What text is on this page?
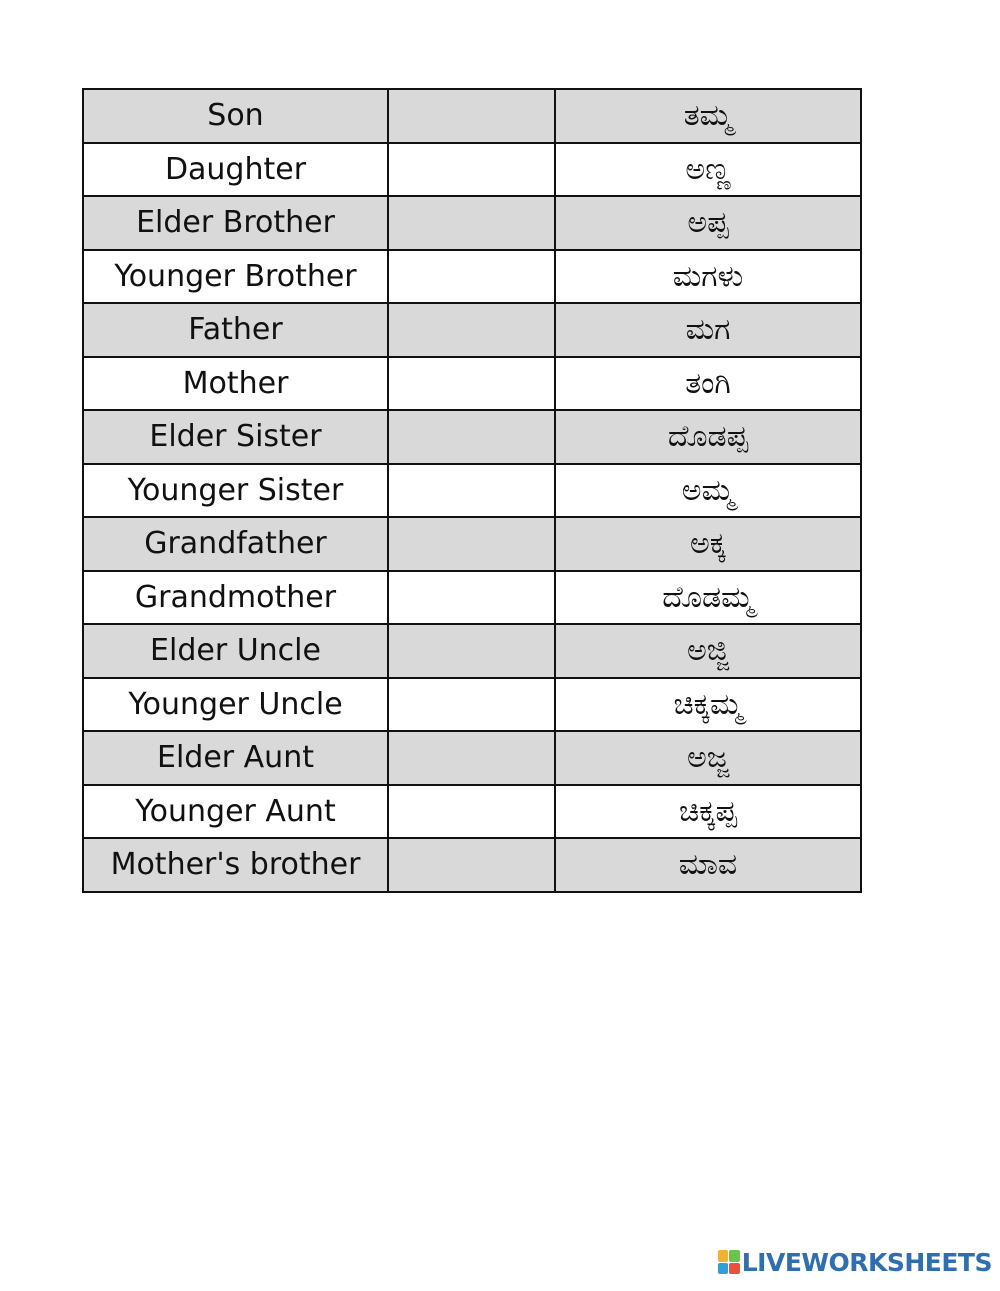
Son		ತಮ್ಮ
Daughter		ಅಣ್ಣ
Elder Brother		ಅಪ್ಪ
Younger Brother		ಮಗಳು
Father		ಮಗ
Mother		ತಂಗಿ
Elder Sister		ದೊಡಪ್ಪ
Younger Sister		ಅಮ್ಮ
Grandfather		ಅಕ್ಕ
Grandmother		ದೊಡಮ್ಮ
Elder Uncle		ಅಜ್ಜಿ
Younger Uncle		ಚಿಕ್ಕಮ್ಮ
Elder Aunt		ಅಜ್ಜ
Younger Aunt		ಚಿಕ್ಕಪ್ಪ
Mother's brother		ಮಾವ
LIVEWORKSHEETS
